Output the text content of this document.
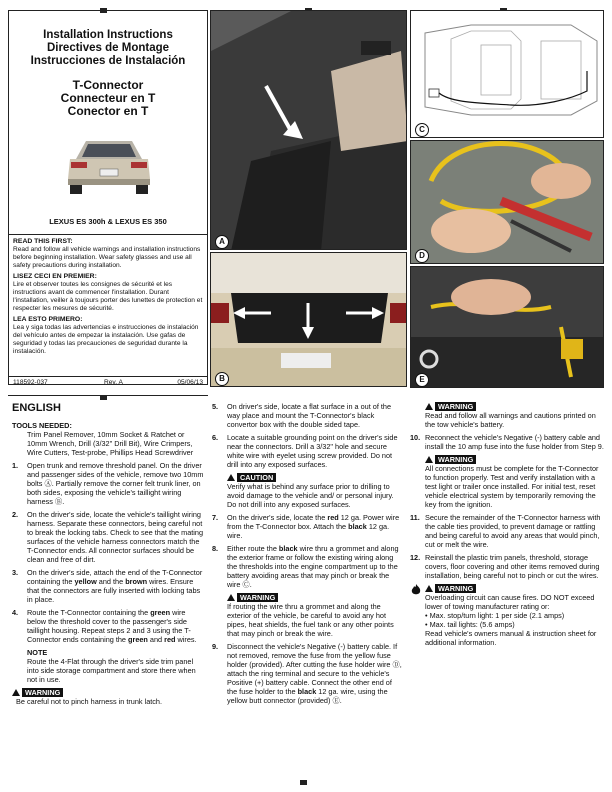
Installation Instructions
Directives de Montage
Instrucciones de Instalación
T-Connector
Connecteur en T
Conector en T
LEXUS ES 300h & LEXUS ES 350
READ THIS FIRST:
Read and follow all vehicle warnings and installation instructions before beginning installation. Wear safety glasses and use all safety precautions during installation.
LISEZ CECI EN PREMIER:
Lire et observer toutes les consignes de sécurité et les instructions avant de commencer l'installation. Durant l'installation, veiller à toujours porter des lunettes de protection et respecter les mesures de sécurité.
LEA ESTO PRIMERO:
Lea y siga todas las advertencias e instrucciones de instalación del vehículo antes de empezar la instalación. Use gafas de seguridad y todas las precauciones de seguridad durante la instalación.
118592-037	Rev. A	05/06/13
A
B
C
D
E
ENGLISH
TOOLS NEEDED:
Trim Panel Remover, 10mm Socket & Ratchet or 10mm Wrench, Drill (3/32" Drill Bit), Wire Crimpers, Wire Cutters, Test-probe, Phillips Head Screwdriver
1. Open trunk and remove threshold panel. On the driver and passenger sides of the vehicle, remove two 10mm bolts Ⓐ. Partially remove the corner felt trunk liner, on both sides, exposing the vehicle's taillight wiring harness Ⓑ.
2. On the driver's side, locate the vehicle's taillight wiring harness. Separate these connectors, being careful not to break the locking tabs. Check to see that the mating surfaces of the vehicle harness connectors match the T-Connector ends. All connector surfaces should be clean and free of dirt.
3. On the driver's side, attach the end of the T-Connector containing the yellow and the brown wires. Ensure that the connectors are fully inserted with locking tabs in place.
4. Route the T-Connector containing the green wire below the threshold cover to the passenger's side taillight housing. Repeat steps 2 and 3 using the T-Connector ends containing the green and red wires.
NOTE
Route the 4-Flat through the driver's side trim panel into side storage compartment and store there when not in use.
WARNING
Be careful not to pinch harness in trunk latch.
5. On driver's side, locate a flat surface in a out of the way place and mount the T-Connector's black convertor box with the double sided tape.
6. Locate a suitable grounding point on the driver's side near the connectors. Drill a 3/32" hole and secure white wire with eyelet using screw provided. Do not drill into any exposed surfaces.
CAUTION
Verify what is behind any surface prior to drilling to avoid damage to the vehicle and/ or personal injury. Do not drill into any exposed surfaces.
7. On the driver's side, locate the red 12 ga. Power wire from the T-Connector box. Attach the black 12 ga. wire.
8. Either route the black wire thru a grommet and along the exterior frame or follow the existing wiring along the thresholds into the engine compartment up to the battery avoiding areas that may pinch or break the wire Ⓒ.
WARNING
If routing the wire thru a grommet and along the exterior of the vehicle, be careful to avoid any hot pipes, heat shields, the fuel tank or any other points that may pinch or break the wire.
9. Disconnect the vehicle's Negative (-) battery cable. If not removed, remove the fuse from the yellow fuse holder (provided). After cutting the fuse holder wire Ⓓ, attach the ring terminal and secure to the vehicle's Positive (+) battery cable. Connect the other end of the fuse holder to the black 12 ga. wire, using the yellow butt connector (provided) Ⓔ.
WARNING
Read and follow all warnings and cautions printed on the tow vehicle's battery.
10. Reconnect the vehicle's Negative (-) battery cable and install the 10 amp fuse into the fuse holder from Step 9.
WARNING
All connections must be complete for the T-Connector to function properly. Test and verify installation with a test light or trailer once installed. For initial test, reset vehicle electrical system by temporarily removing the key from the ignition.
11. Secure the remainder of the T-Connector harness with the cable ties provided, to prevent damage or rattling and being careful to avoid any areas that would pinch, cut or melt the wire.
12. Reinstall the plastic trim panels, threshold, storage covers, floor covering and other items removed during installation, being careful not to pinch or cut the wires.
WARNING
Overloading circuit can cause fires. DO NOT exceed lower of towing manufacturer rating or:
• Max. stop/turn light: 1 per side (2.1 amps)
• Max. tail lights: (5.6 amps)
Read vehicle's owners manual & instruction sheet for additional information.
